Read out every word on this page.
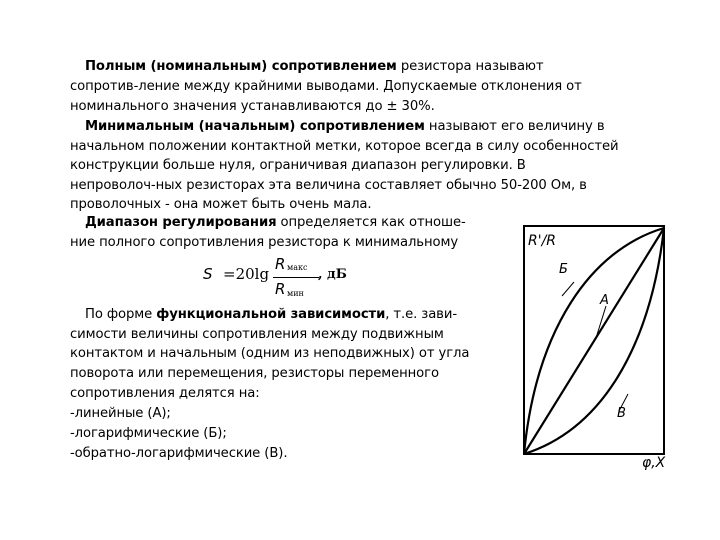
Полным (номинальным) сопротивлением резистора называют

сопротив-ление между крайними выводами. Допускаемые отклонения от

номинального значения устанавливаются до ± 30%.

Минимальным (начальным) сопротивлением называют его величину в

начальном положении контактной метки, которое всегда в силу особенностей

конструкции больше нуля, ограничивая диапазон регулировки. В

непроволоч-ных резисторах эта величина составляет обычно 50-200 Ом, в

проволочных - она может быть очень мала.

Диапазон регулирования определяется как отноше-

ние полного сопротивления резистора к минимальному

S =20lg
R макс
R мин
, дБ

По форме функциональной зависимости, т.е. зави-

симости величины сопротивления между подвижным

контактом и начальным (одним из неподвижных) от угла

поворота или перемещения, резисторы переменного

сопротивления делятся на:

-линейные (А);

-логарифмические (Б);

-обратно-логарифмические (В).

R'/R
Б
А
В
φ,X
